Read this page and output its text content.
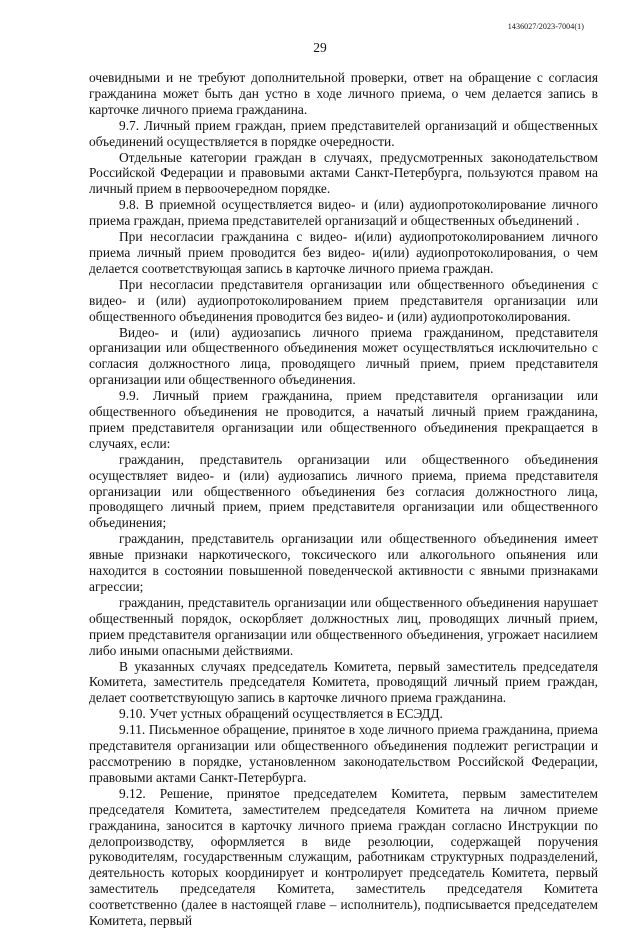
1436027/2023-7004(1)
29

очевидными и не требуют дополнительной проверки, ответ на обращение с согласия гражданина может быть дан устно в ходе личного приема, о чем делается запись в карточке личного приема гражданина.

9.7. Личный прием граждан, прием представителей организаций и общественных объединений осуществляется в порядке очередности.

Отдельные категории граждан в случаях, предусмотренных законодательством Российской Федерации и правовыми актами Санкт-Петербурга, пользуются правом на личный прием в первоочередном порядке.

9.8. В приемной осуществляется видео- и (или) аудиопротоколирование личного приема граждан, приема представителей организаций и общественных объединений .

При несогласии гражданина с видео- и(или) аудиопротоколированием личного приема личный прием проводится без видео- и(или) аудиопротоколирования, о чем делается соответствующая запись в карточке личного приема граждан.

При несогласии представителя организации или общественного объединения с видео- и (или) аудиопротоколированием прием представителя организации или общественного объединения проводится без видео- и (или) аудиопротоколирования.

Видео- и (или) аудиозапись личного приема гражданином, представителя организации или общественного объединения может осуществляться исключительно с согласия должностного лица, проводящего личный прием, прием представителя организации или общественного объединения.

9.9. Личный прием гражданина, прием представителя организации или общественного объединения не проводится, а начатый личный прием гражданина, прием представителя организации или общественного объединения прекращается в случаях, если:

гражданин, представитель организации или общественного объединения осуществляет видео- и (или) аудиозапись личного приема, приема представителя организации или общественного объединения без согласия должностного лица, проводящего личный прием, прием представителя организации или общественного объединения;

гражданин, представитель организации или общественного объединения имеет явные признаки наркотического, токсического или алкогольного опьянения или находится в состоянии повышенной поведенческой активности с явными признаками агрессии;

гражданин, представитель организации или общественного объединения нарушает общественный порядок, оскорбляет должностных лиц, проводящих личный прием, прием представителя организации или общественного объединения, угрожает насилием либо иными опасными действиями.

В указанных случаях председатель Комитета, первый заместитель председателя Комитета, заместитель председателя Комитета, проводящий личный прием граждан, делает соответствующую запись в карточке личного приема гражданина.

9.10. Учет устных обращений осуществляется в ЕСЭДД.

9.11. Письменное обращение, принятое в ходе личного приема гражданина, приема представителя организации или общественного объединения подлежит регистрации и рассмотрению в порядке, установленном законодательством Российской Федерации, правовыми актами Санкт-Петербурга.

9.12. Решение, принятое председателем Комитета, первым заместителем председателя Комитета, заместителем председателя Комитета на личном приеме гражданина, заносится в карточку личного приема граждан согласно Инструкции по делопроизводству, оформляется в виде резолюции, содержащей поручения руководителям, государственным служащим, работникам структурных подразделений, деятельность которых координирует и контролирует председатель Комитета, первый заместитель председателя Комитета, заместитель председателя Комитета соответственно (далее в настоящей главе – исполнитель), подписывается председателем Комитета, первый
